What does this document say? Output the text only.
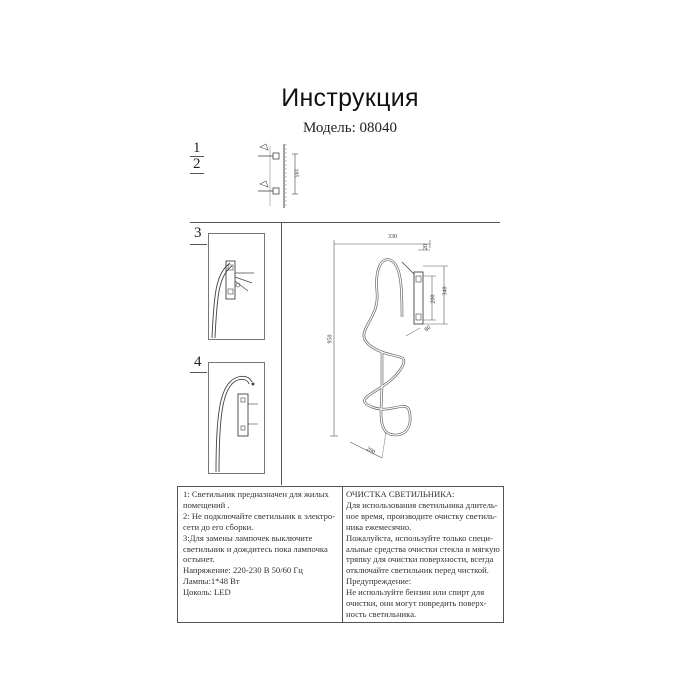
Инструкция
Модель: 08040
1
2
195
3
4
330
20
200
340
80
950
200

1: Светильник предназначен для жилых

помещений .

2: Не подключайте светильник к электро-

сети до его сборки.

3:Для замены лампочек выключите

светильник и дождитесь пока лампочка

остынет.

Напряжение: 220-230 В 50/60 Гц

Лампы:1*48 Вт

Цоколь: LED

ОЧИСТКА СВЕТИЛЬНИКА:

Для использования светильника длитель-

ное время, производите очистку светиль-

ника ежемесячно.

Пожалуйста, используйте только специ-

альные средства очистки стекла и мягкую

тряпку для очистки поверхности, всегда

отключайте светильник перед чисткой.

Предупреждение:

Не используйте бензин или спирт для

очистки, они могут повредить поверх-

ность светильника.
